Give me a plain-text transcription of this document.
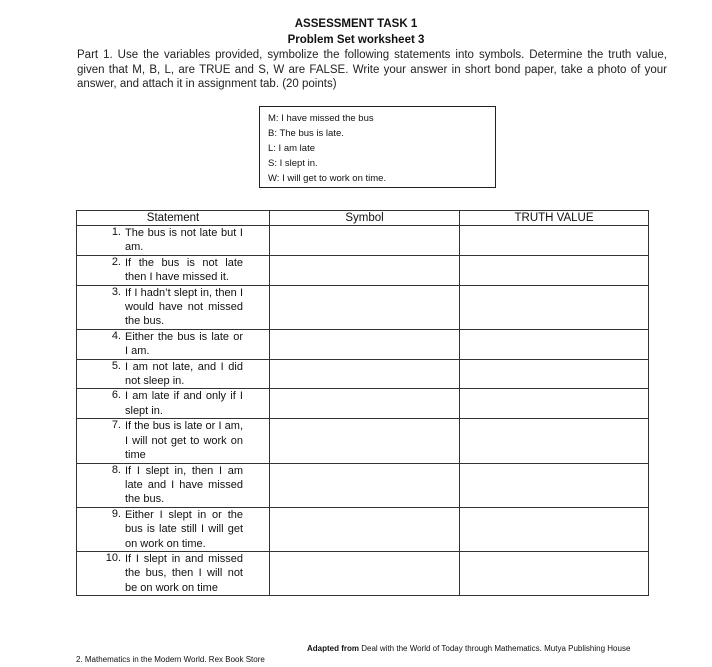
ASSESSMENT TASK 1
Problem Set worksheet 3
Part 1. Use the variables provided, symbolize the following statements into symbols. Determine the truth value, given that M, B, L, are TRUE and S, W are FALSE. Write your answer in short bond paper, take a photo of your answer, and attach it in assignment tab. (20 points)
M: I have missed the bus
B: The bus is late.
L: I am late
S: I slept in.
W: I will get to work on time.
Statement	Symbol	TRUTH VALUE
1. The bus is not late but I am.		
2. If the bus is not late then I have missed it.		
3. If I hadn’t slept in, then I would have not missed the bus.		
4. Either the bus is late or I am.		
5. I am not late, and I did not sleep in.		
6. I am late if and only if I slept in.		
7. If the bus is late or I am, I will not get to work on time		
8. If I slept in, then I am late and I have missed the bus.		
9. Either I slept in or the bus is late still I will get on work on time.		
10. If I slept in and missed the bus, then I will not be on work on time		
Adapted from Deal with the World of Today through Mathematics. Mutya Publishing House
2. Mathematics in the Modern World. Rex Book Store
